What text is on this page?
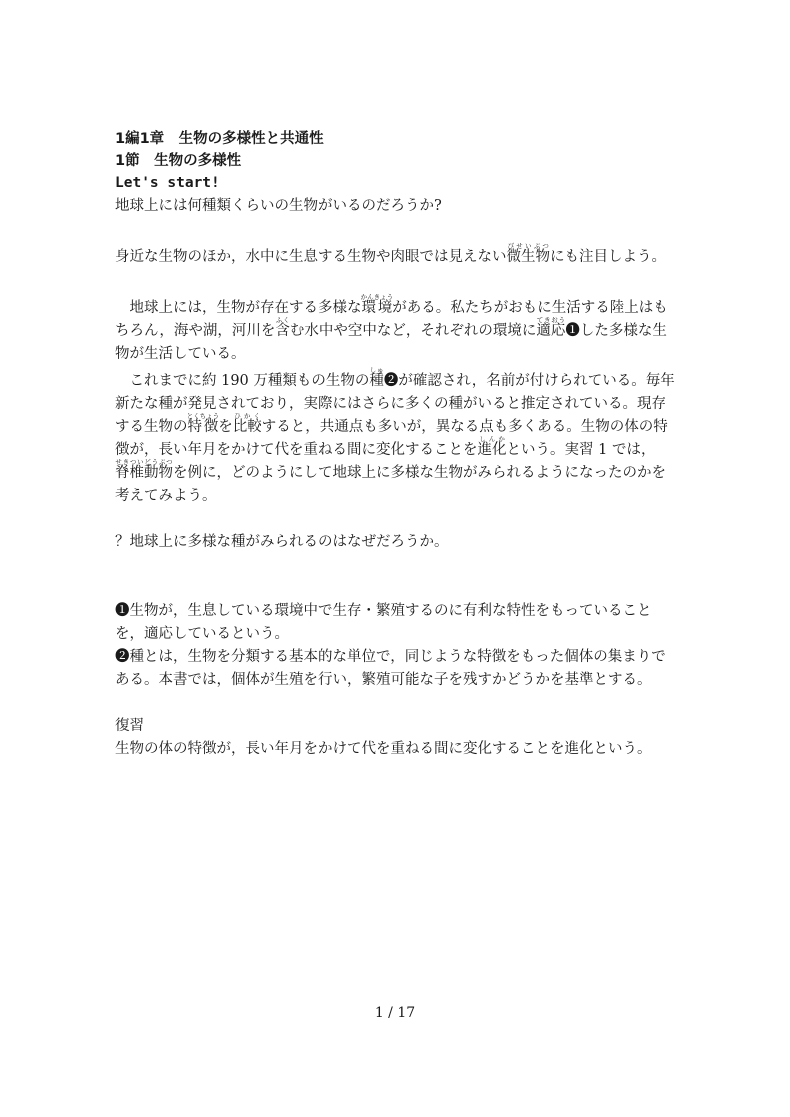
1編1章　生物の多様性と共通性
1節　生物の多様性

Let's start!

地球上には何種類くらいの生物がいるのだろうか?

身近な生物のほか，水中に生息する生物や肉眼では見えない微生物びせいぶつにも注目しよう。

地球上には，生物が存在する多様な環境かんきょうがある。私たちがおもに生活する陸上はもちろん，海や湖，河川を含ふくむ水中や空中など，それぞれの環境に適応てきおう❶した多様な生物が生活している。

これまでに約 190 万種類もの生物の種しゅ❷が確認され，名前が付けられている。毎年新たな種が発見されており，実際にはさらに多くの種がいると推定されている。現存する生物の特徴とくちょうを比較ひかくすると，共通点も多いが，異なる点も多くある。生物の体の特徴が，長い年月をかけて代を重ねる間に変化することを進化しんかという。実習 1 では，脊椎動物せきついどうぶつを例に，どのようにして地球上に多様な生物がみられるようになったのかを考えてみよう。

？地球上に多様な種がみられるのはなぜだろうか。

❶生物が，生息している環境中で生存・繁殖するのに有利な特性をもっていることを，適応しているという。

❷種とは，生物を分類する基本的な単位で，同じような特徴をもった個体の集まりである。本書では，個体が生殖を行い，繁殖可能な子を残すかどうかを基準とする。

復習

生物の体の特徴が，長い年月をかけて代を重ねる間に変化することを進化という。

1 / 17
